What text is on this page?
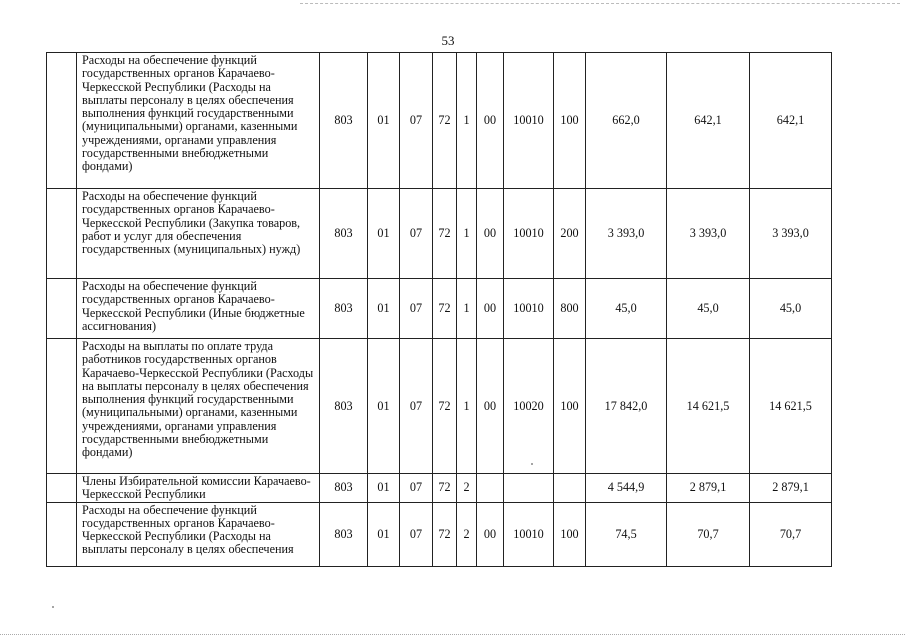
53
	Расходы на обеспечение функций государственных органов Карачаево-Черкесской Республики (Расходы на выплаты персоналу в целях обеспечения выполнения функций государственными (муниципальными) органами, казенными учреждениями, органами управления государственными внебюджетными фондами)	803	01	07	72	1	00	10010	100	662,0	642,1	642,1
	Расходы на обеспечение функций государственных органов Карачаево-Черкесской Республики (Закупка товаров, работ и услуг для обеспечения государственных (муниципальных) нужд)	803	01	07	72	1	00	10010	200	3 393,0	3 393,0	3 393,0
	Расходы на обеспечение функций государственных органов Карачаево-Черкесской Республики (Иные бюджетные ассигнования)	803	01	07	72	1	00	10010	800	45,0	45,0	45,0
	Расходы на выплаты по оплате труда работников государственных органов Карачаево-Черкесской Республики (Расходы на выплаты персоналу в целях обеспечения выполнения функций государственными (муниципальными) органами, казенными учреждениями, органами управления государственными внебюджетными фондами)	803	01	07	72	1	00	10020	100	17 842,0	14 621,5	14 621,5
	Члены Избирательной комиссии Карачаево-Черкесской Республики	803	01	07	72	2				4 544,9	2 879,1	2 879,1
	Расходы на обеспечение функций государственных органов Карачаево-Черкесской Республики (Расходы на выплаты персоналу в целях обеспечения	803	01	07	72	2	00	10010	100	74,5	70,7	70,7
